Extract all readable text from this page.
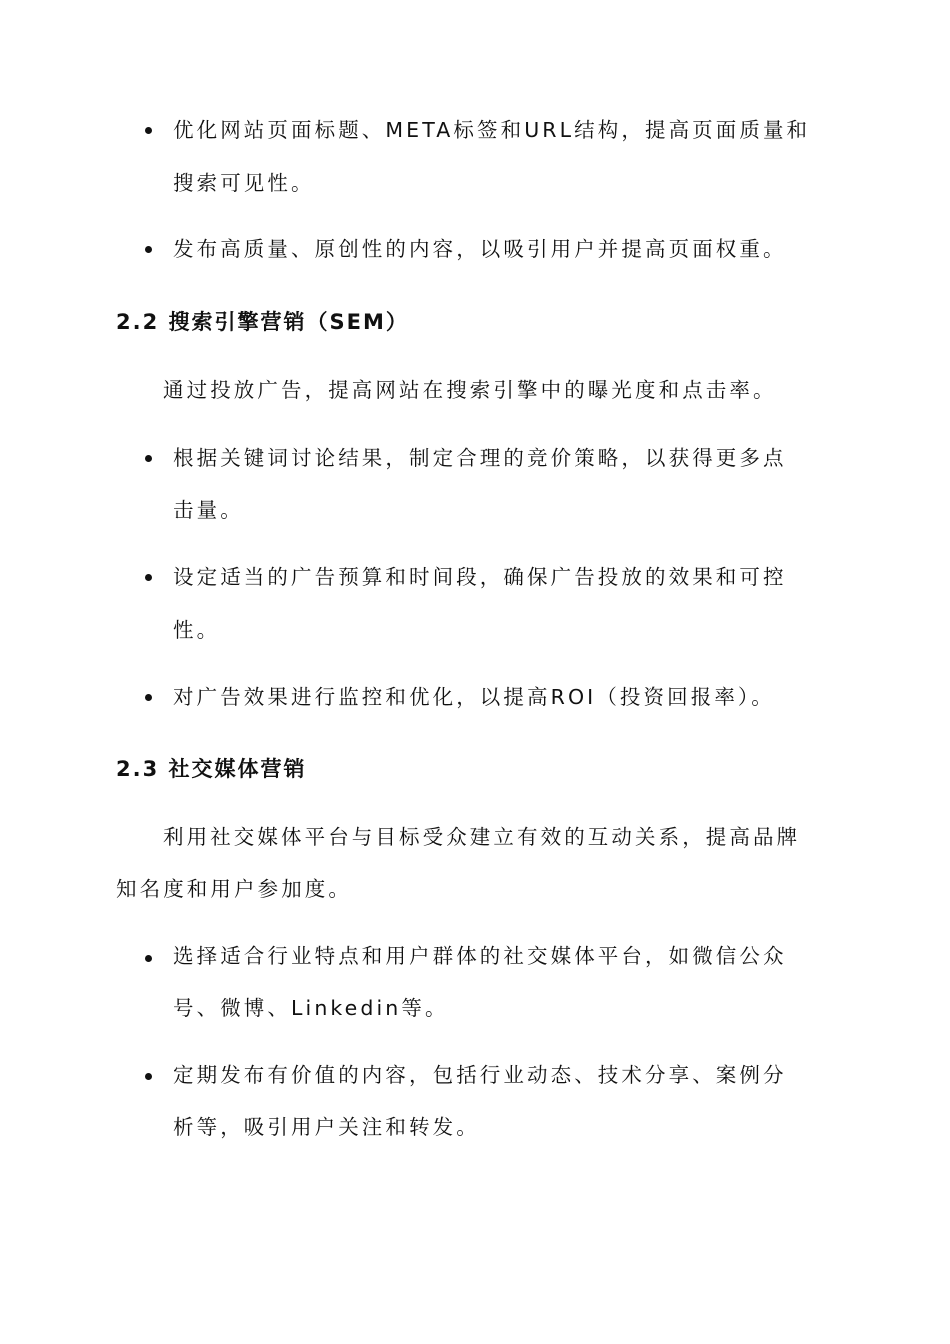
优化网站页面标题、META标签和URL结构，提高页面质量和
搜索可见性。
发布高质量、原创性的内容，以吸引用户并提高页面权重。
2.2 搜索引擎营销（SEM）
通过投放广告，提高网站在搜索引擎中的曝光度和点击率。
根据关键词讨论结果，制定合理的竞价策略，以获得更多点
击量。
设定适当的广告预算和时间段，确保广告投放的效果和可控
性。
对广告效果进行监控和优化，以提高ROI（投资回报率）。
2.3 社交媒体营销
利用社交媒体平台与目标受众建立有效的互动关系，提高品牌
知名度和用户参加度。
选择适合行业特点和用户群体的社交媒体平台，如微信公众
号、微博、Linkedin等。
定期发布有价值的内容，包括行业动态、技术分享、案例分
析等，吸引用户关注和转发。
